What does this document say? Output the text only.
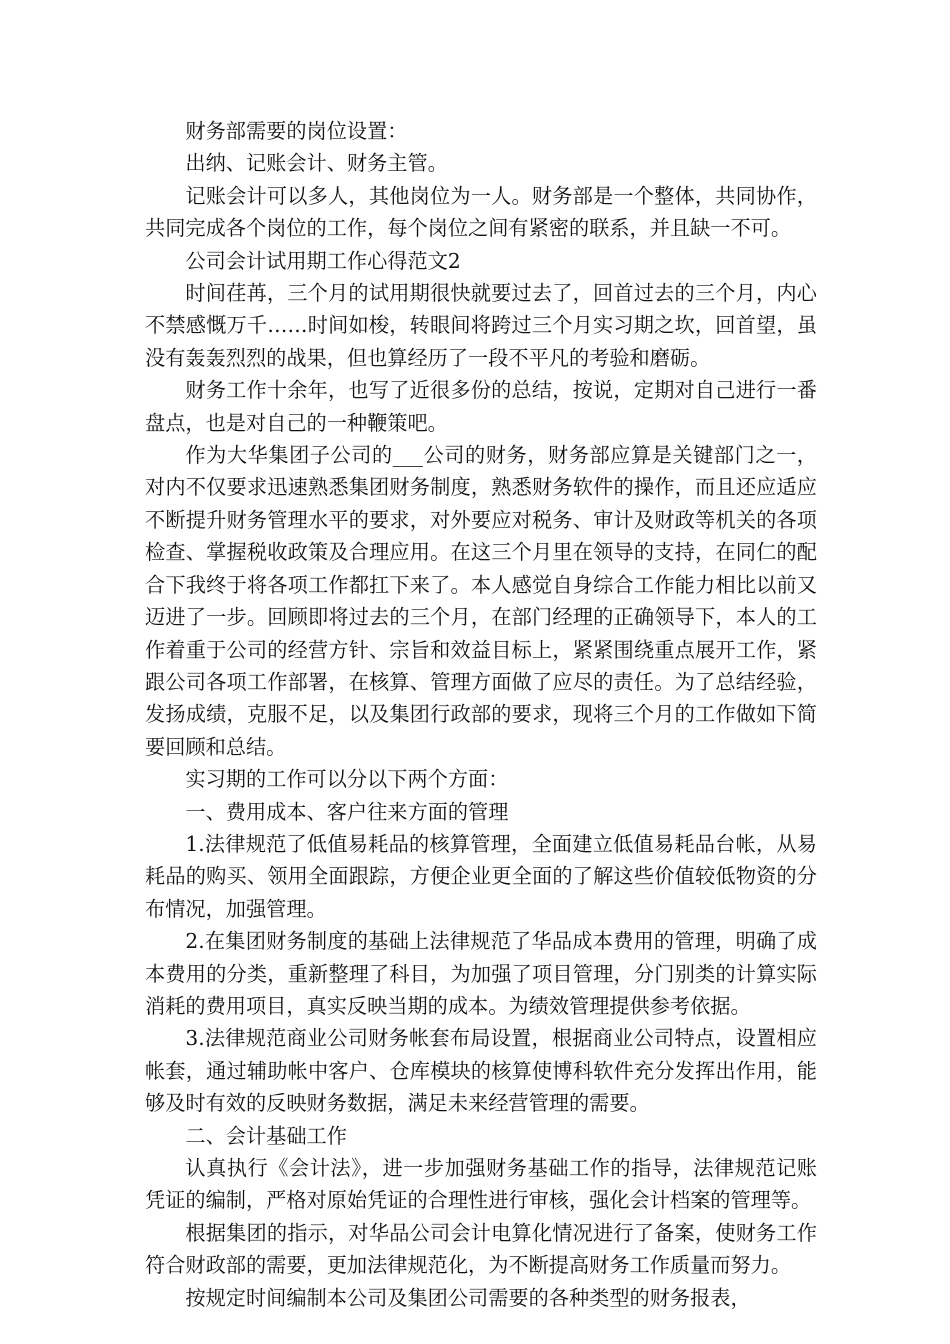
财务部需要的岗位设置：

出纳、记账会计、财务主管。

记账会计可以多人，其他岗位为一人。财务部是一个整体，共同协作，共同完成各个岗位的工作，每个岗位之间有紧密的联系，并且缺一不可。

公司会计试用期工作心得范文2

时间荏苒，三个月的试用期很快就要过去了，回首过去的三个月，内心不禁感慨万千……时间如梭，转眼间将跨过三个月实习期之坎，回首望，虽没有轰轰烈烈的战果，但也算经历了一段不平凡的考验和磨砺。

财务工作十余年，也写了近很多份的总结，按说，定期对自己进行一番盘点，也是对自己的一种鞭策吧。

作为大华集团子公司的___公司的财务，财务部应算是关键部门之一，对内不仅要求迅速熟悉集团财务制度，熟悉财务软件的操作，而且还应适应不断提升财务管理水平的要求，对外要应对税务、审计及财政等机关的各项检查、掌握税收政策及合理应用。在这三个月里在领导的支持，在同仁的配合下我终于将各项工作都扛下来了。本人感觉自身综合工作能力相比以前又迈进了一步。回顾即将过去的三个月，在部门经理的正确领导下，本人的工作着重于公司的经营方针、宗旨和效益目标上，紧紧围绕重点展开工作，紧跟公司各项工作部署，在核算、管理方面做了应尽的责任。为了总结经验，发扬成绩，克服不足，以及集团行政部的要求，现将三个月的工作做如下简要回顾和总结。

实习期的工作可以分以下两个方面：

一、费用成本、客户往来方面的管理

1.法律规范了低值易耗品的核算管理，全面建立低值易耗品台帐，从易耗品的购买、领用全面跟踪，方便企业更全面的了解这些价值较低物资的分布情况，加强管理。

2.在集团财务制度的基础上法律规范了华品成本费用的管理，明确了成本费用的分类，重新整理了科目，为加强了项目管理，分门别类的计算实际消耗的费用项目，真实反映当期的成本。为绩效管理提供参考依据。

3.法律规范商业公司财务帐套布局设置，根据商业公司特点，设置相应帐套，通过辅助帐中客户、仓库模块的核算使博科软件充分发挥出作用，能够及时有效的反映财务数据，满足未来经营管理的需要。

二、会计基础工作

认真执行《会计法》，进一步加强财务基础工作的指导，法律规范记账凭证的编制，严格对原始凭证的合理性进行审核，强化会计档案的管理等。

根据集团的指示，对华品公司会计电算化情况进行了备案，使财务工作符合财政部的需要，更加法律规范化，为不断提高财务工作质量而努力。

按规定时间编制本公司及集团公司需要的各种类型的财务报表，
